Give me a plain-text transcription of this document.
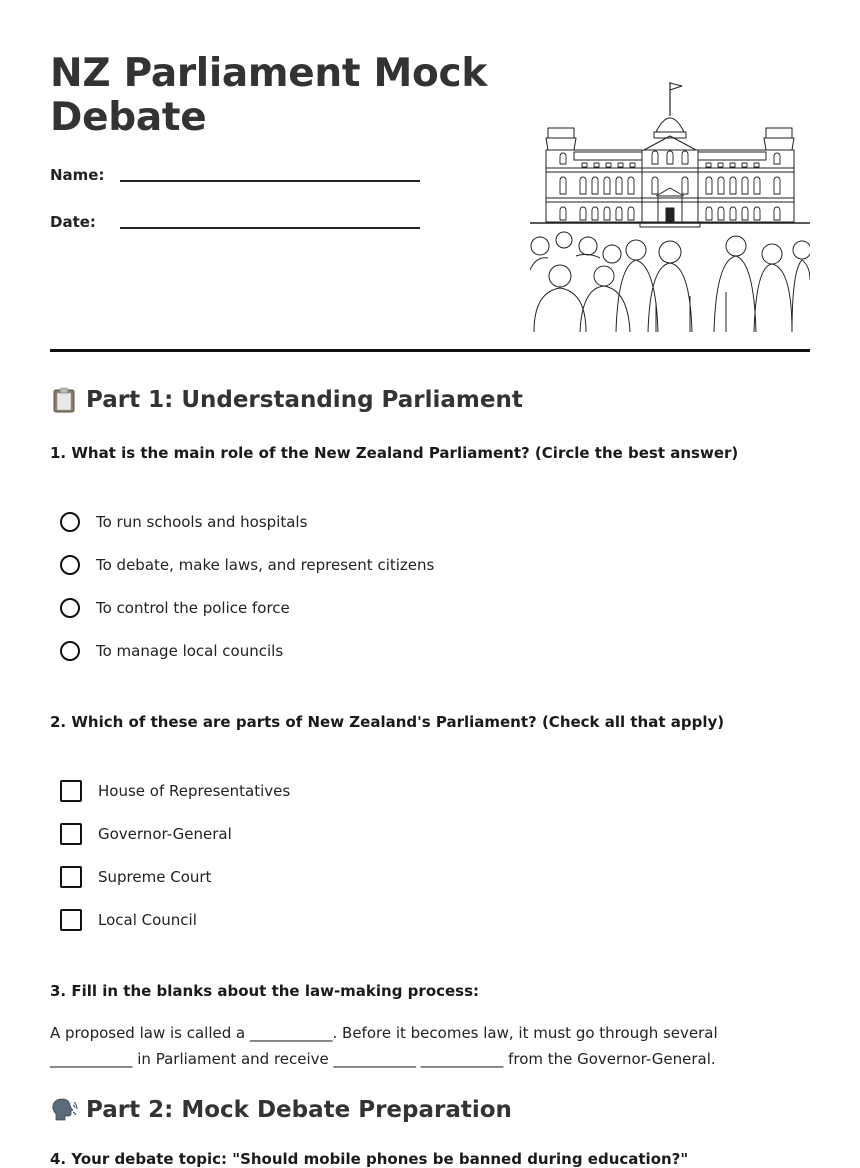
NZ Parliament Mock Debate
Name:
Date:
Part 1: Understanding Parliament
1. What is the main role of the New Zealand Parliament? (Circle the best answer)
To run schools and hospitals
To debate, make laws, and represent citizens
To control the police force
To manage local councils
2. Which of these are parts of New Zealand's Parliament? (Check all that apply)
House of Representatives
Governor-General
Supreme Court
Local Council
3. Fill in the blanks about the law-making process:

A proposed law is called a ___________. Before it becomes law, it must go through several ___________ in Parliament and receive ___________ ___________ from the Governor-General.

Part 2: Mock Debate Preparation
4. Your debate topic: "Should mobile phones be banned during education?"
